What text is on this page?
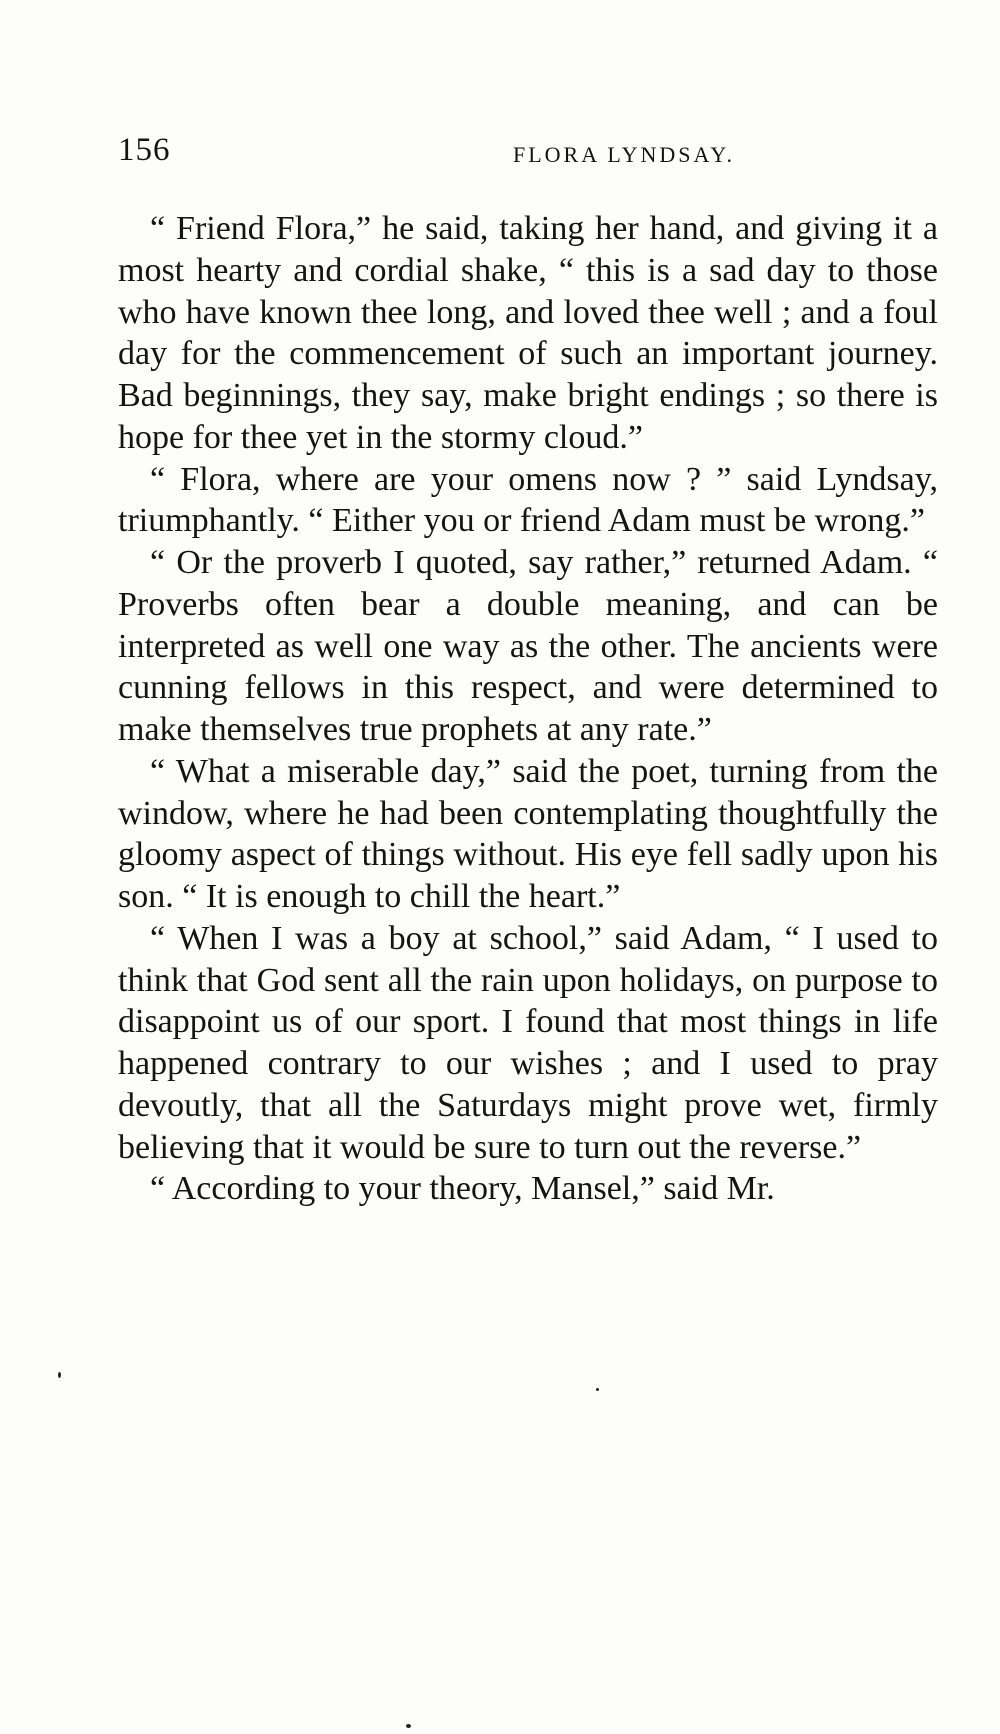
156	FLORA LYNDSAY.

“ Friend Flora,” he said, taking her hand, and giving it a most hearty and cordial shake, “ this is a sad day to those who have known thee long, and loved thee well ; and a foul day for the commencement of such an important journey. Bad beginnings, they say, make bright endings ; so there is hope for thee yet in the stormy cloud.”

“ Flora, where are your omens now ? ” said Lyndsay, triumphantly. “ Either you or friend Adam must be wrong.”

“ Or the proverb I quoted, say rather,” returned Adam. “ Proverbs often bear a double meaning, and can be interpreted as well one way as the other. The ancients were cunning fellows in this respect, and were determined to make themselves true prophets at any rate.”

“ What a miserable day,” said the poet, turning from the window, where he had been contemplating thoughtfully the gloomy aspect of things without. His eye fell sadly upon his son. “ It is enough to chill the heart.”

“ When I was a boy at school,” said Adam, “ I used to think that God sent all the rain upon holidays, on purpose to disappoint us of our sport. I found that most things in life happened contrary to our wishes ; and I used to pray devoutly, that all the Saturdays might prove wet, firmly believing that it would be sure to turn out the reverse.”

“ According to your theory, Mansel,” said Mr.
